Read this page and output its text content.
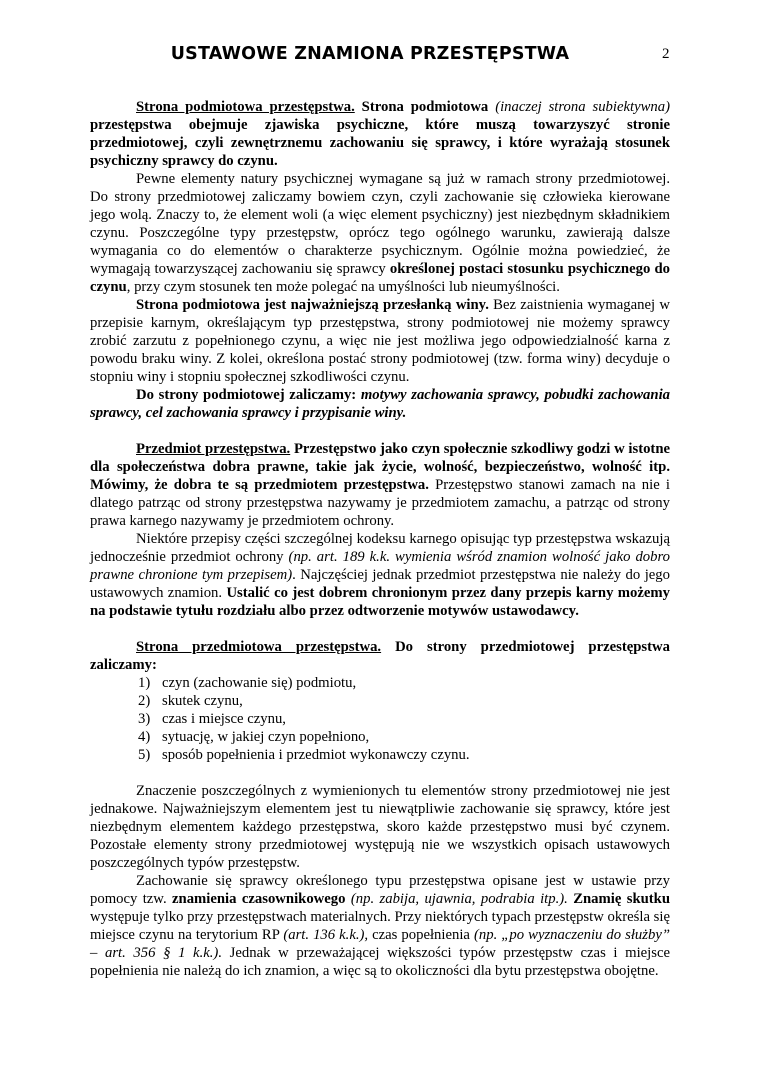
USTAWOWE ZNAMIONA PRZESTĘPSTWA	2

Strona podmiotowa przestępstwa. Strona podmiotowa (inaczej strona subiektywna) przestępstwa obejmuje zjawiska psychiczne, które muszą towarzyszyć stronie przedmiotowej, czyli zewnętrznemu zachowaniu się sprawcy, i które wyrażają stosunek psychiczny sprawcy do czynu.

Pewne elementy natury psychicznej wymagane są już w ramach strony przedmiotowej. Do strony przedmiotowej zaliczamy bowiem czyn, czyli zachowanie się człowieka kierowane jego wolą. Znaczy to, że element woli (a więc element psychiczny) jest niezbędnym składnikiem czynu. Poszczególne typy przestępstw, oprócz tego ogólnego warunku, zawierają dalsze wymagania co do elementów o charakterze psychicznym. Ogólnie można powiedzieć, że wymagają towarzyszącej zachowaniu się sprawcy określonej postaci stosunku psychicznego do czynu, przy czym stosunek ten może polegać na umyślności lub nieumyślności.

Strona podmiotowa jest najważniejszą przesłanką winy. Bez zaistnienia wymaganej w przepisie karnym, określającym typ przestępstwa, strony podmiotowej nie możemy sprawcy zrobić zarzutu z popełnionego czynu, a więc nie jest możliwa jego odpowiedzialność karna z powodu braku winy. Z kolei, określona postać strony podmiotowej (tzw. forma winy) decyduje o stopniu winy i stopniu społecznej szkodliwości czynu.

Do strony podmiotowej zaliczamy: motywy zachowania sprawcy, pobudki zachowania sprawcy, cel zachowania sprawcy i przypisanie winy.

Przedmiot przestępstwa. Przestępstwo jako czyn społecznie szkodliwy godzi w istotne dla społeczeństwa dobra prawne, takie jak życie, wolność, bezpieczeństwo, wolność itp. Mówimy, że dobra te są przedmiotem przestępstwa. Przestępstwo stanowi zamach na nie i dlatego patrząc od strony przestępstwa nazywamy je przedmiotem zamachu, a patrząc od strony prawa karnego nazywamy je przedmiotem ochrony.

Niektóre przepisy części szczególnej kodeksu karnego opisując typ przestępstwa wskazują jednocześnie przedmiot ochrony (np. art. 189 k.k. wymienia wśród znamion wolność jako dobro prawne chronione tym przepisem). Najczęściej jednak przedmiot przestępstwa nie należy do jego ustawowych znamion. Ustalić co jest dobrem chronionym przez dany przepis karny możemy na podstawie tytułu rozdziału albo przez odtworzenie motywów ustawodawcy.

Strona przedmiotowa przestępstwa. Do strony przedmiotowej przestępstwa zaliczamy:

1) czyn (zachowanie się) podmiotu,
2) skutek czynu,
3) czas i miejsce czynu,
4) sytuację, w jakiej czyn popełniono,
5) sposób popełnienia i przedmiot wykonawczy czynu.

Znaczenie poszczególnych z wymienionych tu elementów strony przedmiotowej nie jest jednakowe. Najważniejszym elementem jest tu niewątpliwie zachowanie się sprawcy, które jest niezbędnym elementem każdego przestępstwa, skoro każde przestępstwo musi być czynem. Pozostałe elementy strony przedmiotowej występują nie we wszystkich opisach ustawowych poszczególnych typów przestępstw.

Zachowanie się sprawcy określonego typu przestępstwa opisane jest w ustawie przy pomocy tzw. znamienia czasownikowego (np. zabija, ujawnia, podrabia itp.). Znamię skutku występuje tylko przy przestępstwach materialnych. Przy niektórych typach przestępstw określa się miejsce czynu na terytorium RP (art. 136 k.k.), czas popełnienia (np. „po wyznaczeniu do służby” – art. 356 § 1 k.k.). Jednak w przeważającej większości typów przestępstw czas i miejsce popełnienia nie należą do ich znamion, a więc są to okoliczności dla bytu przestępstwa obojętne.
